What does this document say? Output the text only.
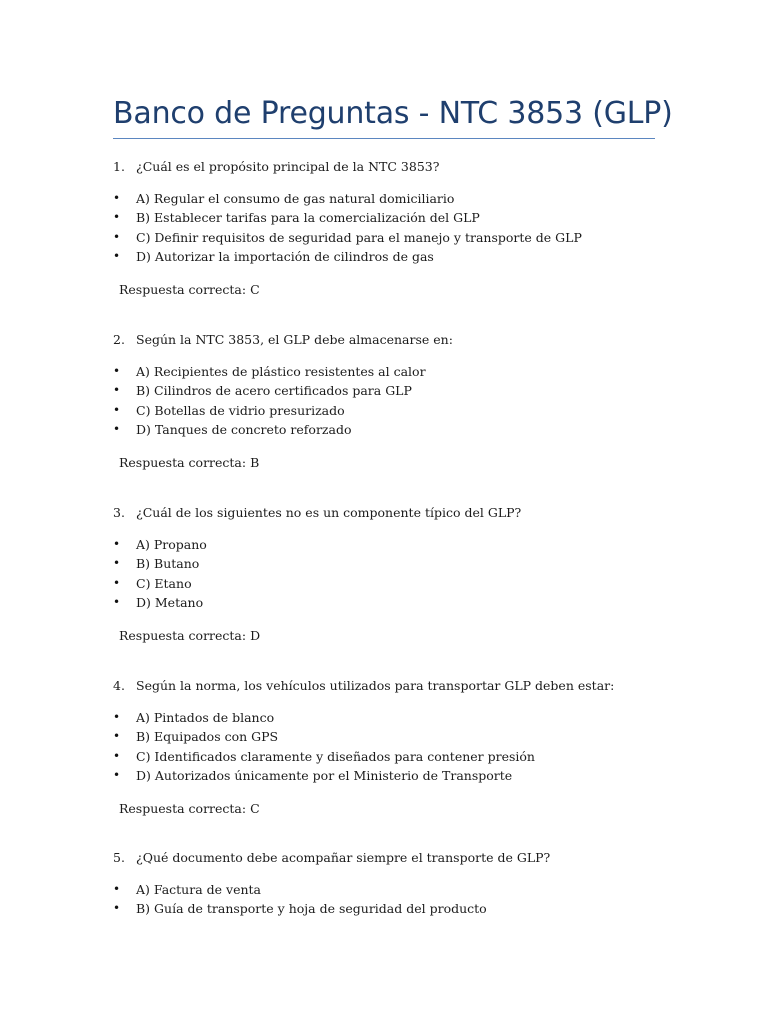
Banco de Preguntas - NTC 3853 (GLP)
1. ¿Cuál es el propósito principal de la NTC 3853?
• A) Regular el consumo de gas natural domiciliario
• B) Establecer tarifas para la comercialización del GLP
• C) Definir requisitos de seguridad para el manejo y transporte de GLP
• D) Autorizar la importación de cilindros de gas
Respuesta correcta: C
2. Según la NTC 3853, el GLP debe almacenarse en:
• A) Recipientes de plástico resistentes al calor
• B) Cilindros de acero certificados para GLP
• C) Botellas de vidrio presurizado
• D) Tanques de concreto reforzado
Respuesta correcta: B
3. ¿Cuál de los siguientes no es un componente típico del GLP?
• A) Propano
• B) Butano
• C) Etano
• D) Metano
Respuesta correcta: D
4. Según la norma, los vehículos utilizados para transportar GLP deben estar:
• A) Pintados de blanco
• B) Equipados con GPS
• C) Identificados claramente y diseñados para contener presión
• D) Autorizados únicamente por el Ministerio de Transporte
Respuesta correcta: C
5. ¿Qué documento debe acompañar siempre el transporte de GLP?
• A) Factura de venta
• B) Guía de transporte y hoja de seguridad del producto
